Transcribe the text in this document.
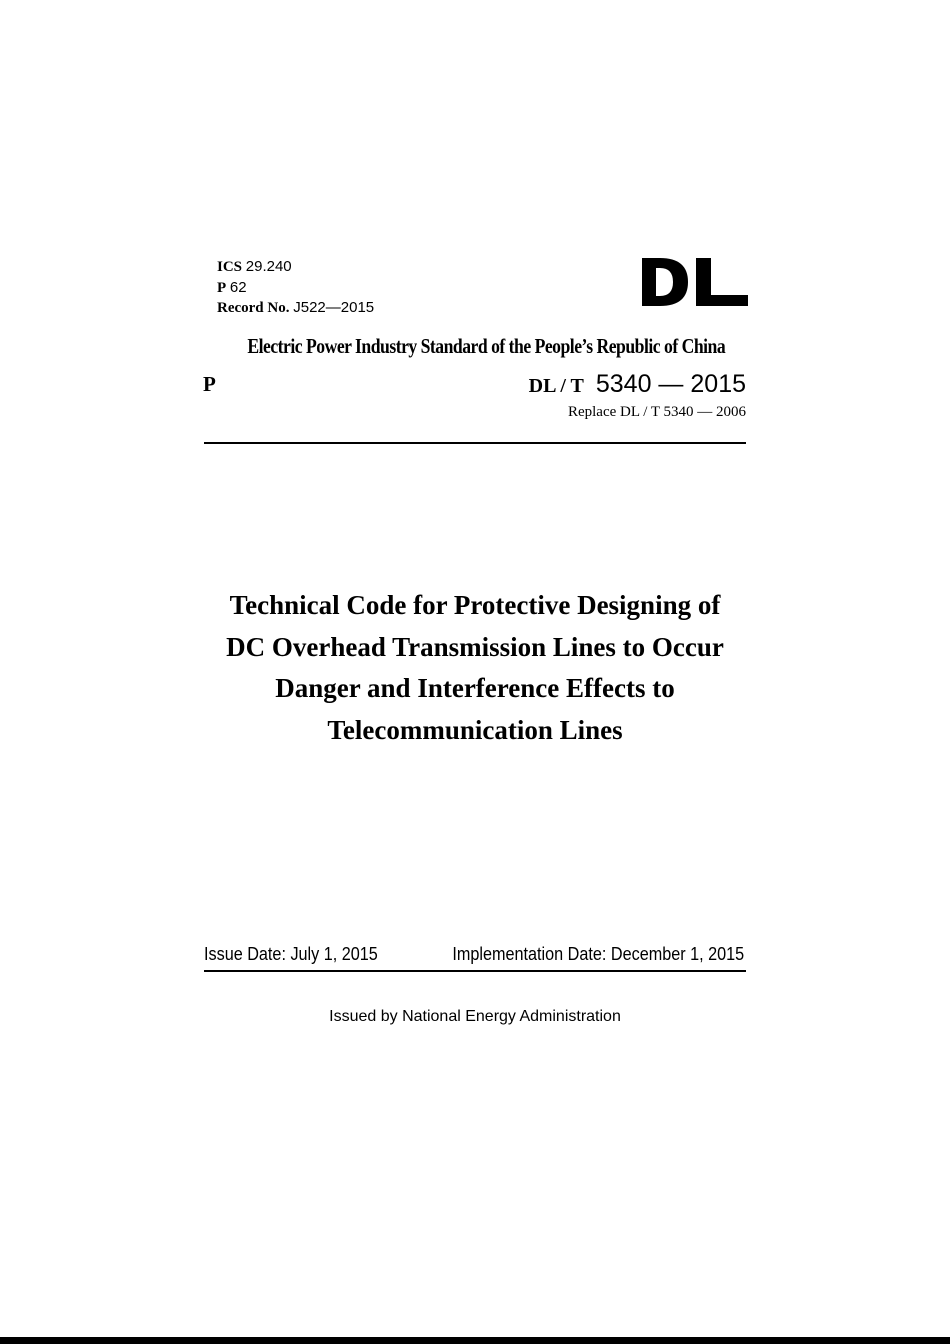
ICS 29.240
P 62
Record No. J522—2015
Electric Power Industry Standard of the People’s Republic of China
P	DL / T 5340 — 2015
Replace DL / T 5340 — 2006
Technical Code for Protective Designing of
DC Overhead Transmission Lines to Occur
Danger and Interference Effects to
Telecommunication Lines
Issue Date: July 1, 2015	Implementation Date: December 1, 2015
Issued by National Energy Administration
